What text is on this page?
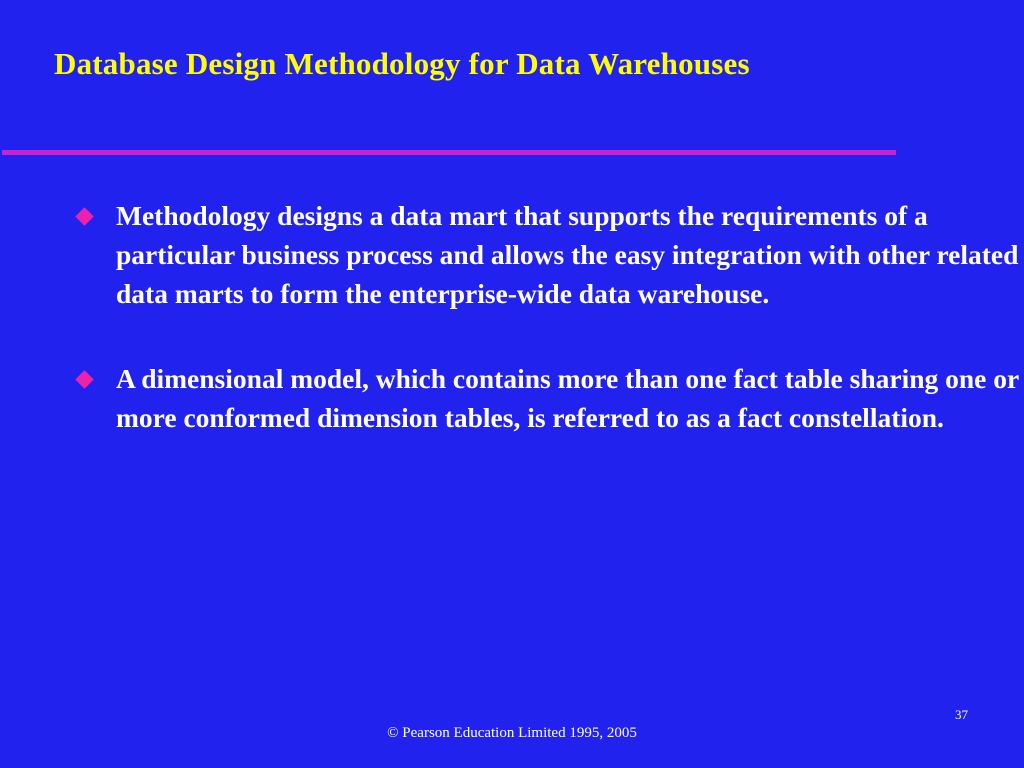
Database Design Methodology for Data Warehouses
Methodology designs a data mart that supports the requirements of a particular business process and allows the easy integration with other related data marts to form the enterprise-wide data warehouse.
A dimensional model, which contains more than one fact table sharing one or more conformed dimension tables, is referred to as a fact constellation.
© Pearson Education Limited 1995, 2005
37
